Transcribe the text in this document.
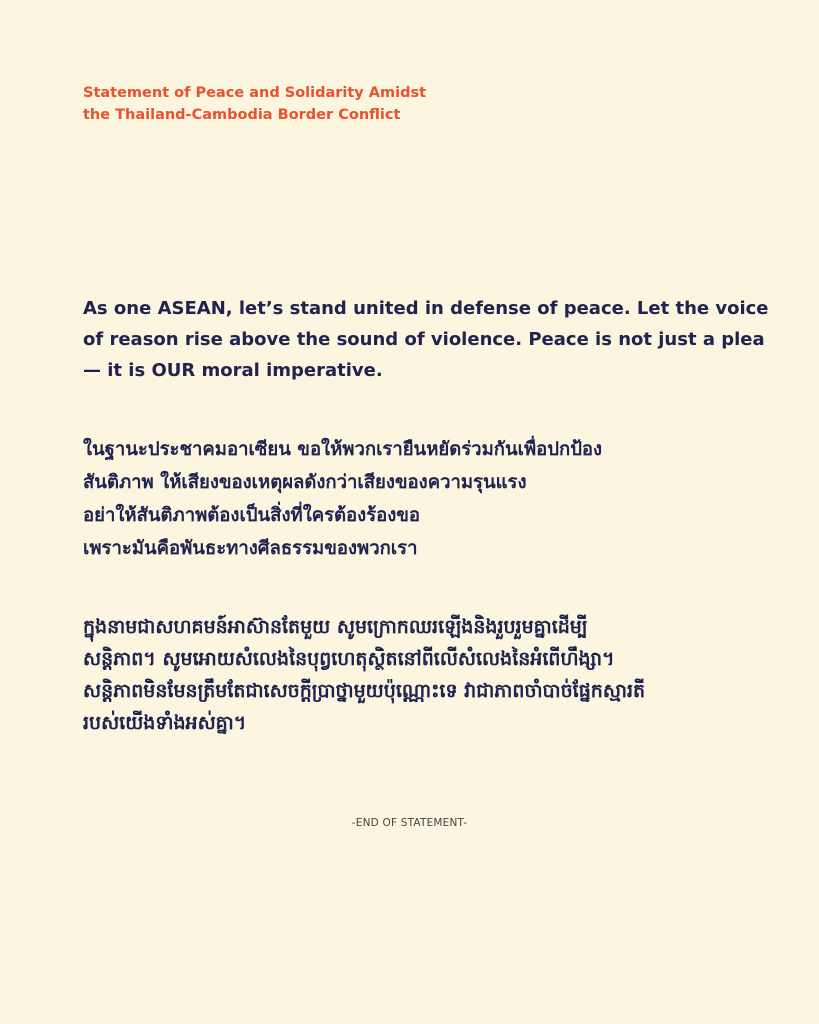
Statement of Peace and Solidarity Amidst
the Thailand-Cambodia Border Conflict
As one ASEAN, let’s stand united in defense of peace. Let the voice
of reason rise above the sound of violence. Peace is not just a plea
— it is OUR moral imperative.
ในฐานะประชาคมอาเซียน ขอให้พวกเรายืนหยัดร่วมกันเพื่อปกป้อง
สันติภาพ ให้เสียงของเหตุผลดังกว่าเสียงของความรุนแรง
อย่าให้สันติภาพต้องเป็นสิ่งที่ใครต้องร้องขอ
เพราะมันคือพันธะทางศีลธรรมของพวกเรา
ក្នុងនាមជាសហគមន៍អាស៊ានតែមួយ សូមក្រោកឈរឡើងនិងរួបរួមគ្នាដើម្បី
សន្តិភាព។ សូមអោយសំលេងនៃបុព្វហេតុស្ថិតនៅពីលើសំលេងនៃអំពើហឹង្សា។
សន្តិភាពមិនមែនត្រឹមតែជាសេចក្ដីប្រាថ្នាមួយប៉ុណ្ណោះទេ វាជាភាពចាំបាច់ផ្នែកស្មារតី
របស់យើងទាំងអស់គ្នា។
-END OF STATEMENT-
